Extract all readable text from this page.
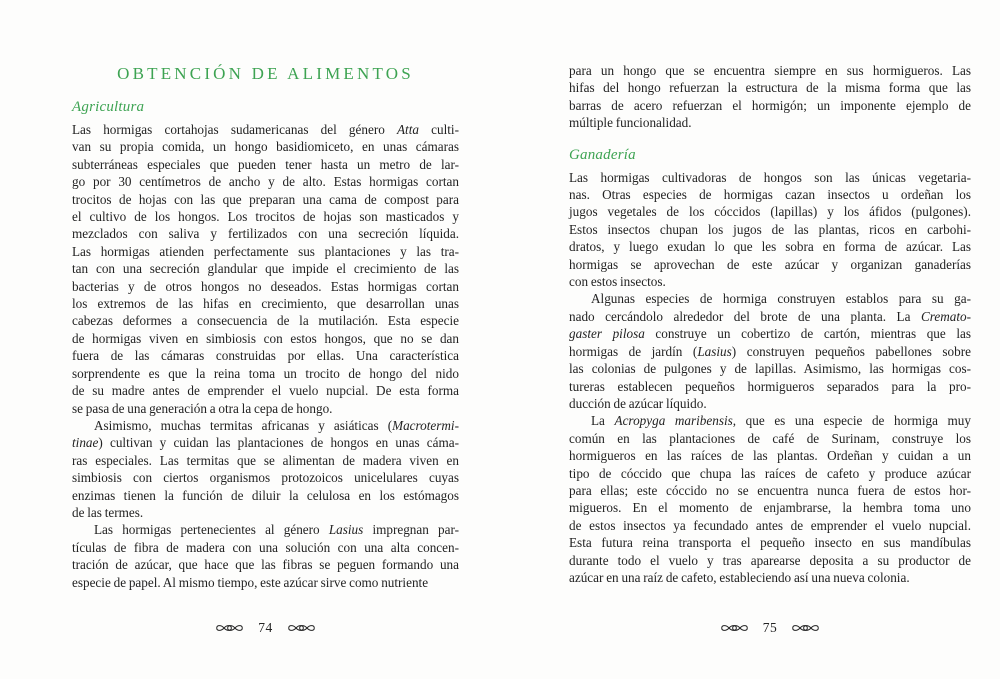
OBTENCIÓN DE ALIMENTOS
Agricultura

Las hormigas cortahojas sudamericanas del género Atta culti-
van su propia comida, un hongo basidiomiceto, en unas cámaras
subterráneas especiales que pueden tener hasta un metro de lar-
go por 30 centímetros de ancho y de alto. Estas hormigas cortan
trocitos de hojas con las que preparan una cama de compost para
el cultivo de los hongos. Los trocitos de hojas son masticados y
mezclados con saliva y fertilizados con una secreción líquida.
Las hormigas atienden perfectamente sus plantaciones y las tra-
tan con una secreción glandular que impide el crecimiento de las
bacterias y de otros hongos no deseados. Estas hormigas cortan
los extremos de las hifas en crecimiento, que desarrollan unas
cabezas deformes a consecuencia de la mutilación. Esta especie
de hormigas viven en simbiosis con estos hongos, que no se dan
fuera de las cámaras construidas por ellas. Una característica
sorprendente es que la reina toma un trocito de hongo del nido
de su madre antes de emprender el vuelo nupcial. De esta forma
se pasa de una generación a otra la cepa de hongo.

Asimismo, muchas termitas africanas y asiáticas (Macrotermi-
tinae) cultivan y cuidan las plantaciones de hongos en unas cáma-
ras especiales. Las termitas que se alimentan de madera viven en
simbiosis con ciertos organismos protozoicos unicelulares cuyas
enzimas tienen la función de diluir la celulosa en los estómagos
de las termes.

Las hormigas pertenecientes al género Lasius impregnan par-
tículas de fibra de madera con una solución con una alta concen-
tración de azúcar, que hace que las fibras se peguen formando una
especie de papel. Al mismo tiempo, este azúcar sirve como nutriente

para un hongo que se encuentra siempre en sus hormigueros. Las
hifas del hongo refuerzan la estructura de la misma forma que las
barras de acero refuerzan el hormigón; un imponente ejemplo de
múltiple funcionalidad.

Ganadería

Las hormigas cultivadoras de hongos son las únicas vegetaria-
nas. Otras especies de hormigas cazan insectos u ordeñan los
jugos vegetales de los cóccidos (lapillas) y los áfidos (pulgones).
Estos insectos chupan los jugos de las plantas, ricos en carbohi-
dratos, y luego exudan lo que les sobra en forma de azúcar. Las
hormigas se aprovechan de este azúcar y organizan ganaderías
con estos insectos.

Algunas especies de hormiga construyen establos para su ga-
nado cercándolo alrededor del brote de una planta. La Cremato-
gaster pilosa construye un cobertizo de cartón, mientras que las
hormigas de jardín (Lasius) construyen pequeños pabellones sobre
las colonias de pulgones y de lapillas. Asimismo, las hormigas cos-
tureras establecen pequeños hormigueros separados para la pro-
ducción de azúcar líquido.

La Acropyga maribensis, que es una especie de hormiga muy
común en las plantaciones de café de Surinam, construye los
hormigueros en las raíces de las plantas. Ordeñan y cuidan a un
tipo de cóccido que chupa las raíces de cafeto y produce azúcar
para ellas; este cóccido no se encuentra nunca fuera de estos hor-
migueros. En el momento de enjambrarse, la hembra toma uno
de estos insectos ya fecundado antes de emprender el vuelo nupcial.
Esta futura reina transporta el pequeño insecto en sus mandíbulas
durante todo el vuelo y tras aparearse deposita a su productor de
azúcar en una raíz de cafeto, estableciendo así una nueva colonia.

74	75
